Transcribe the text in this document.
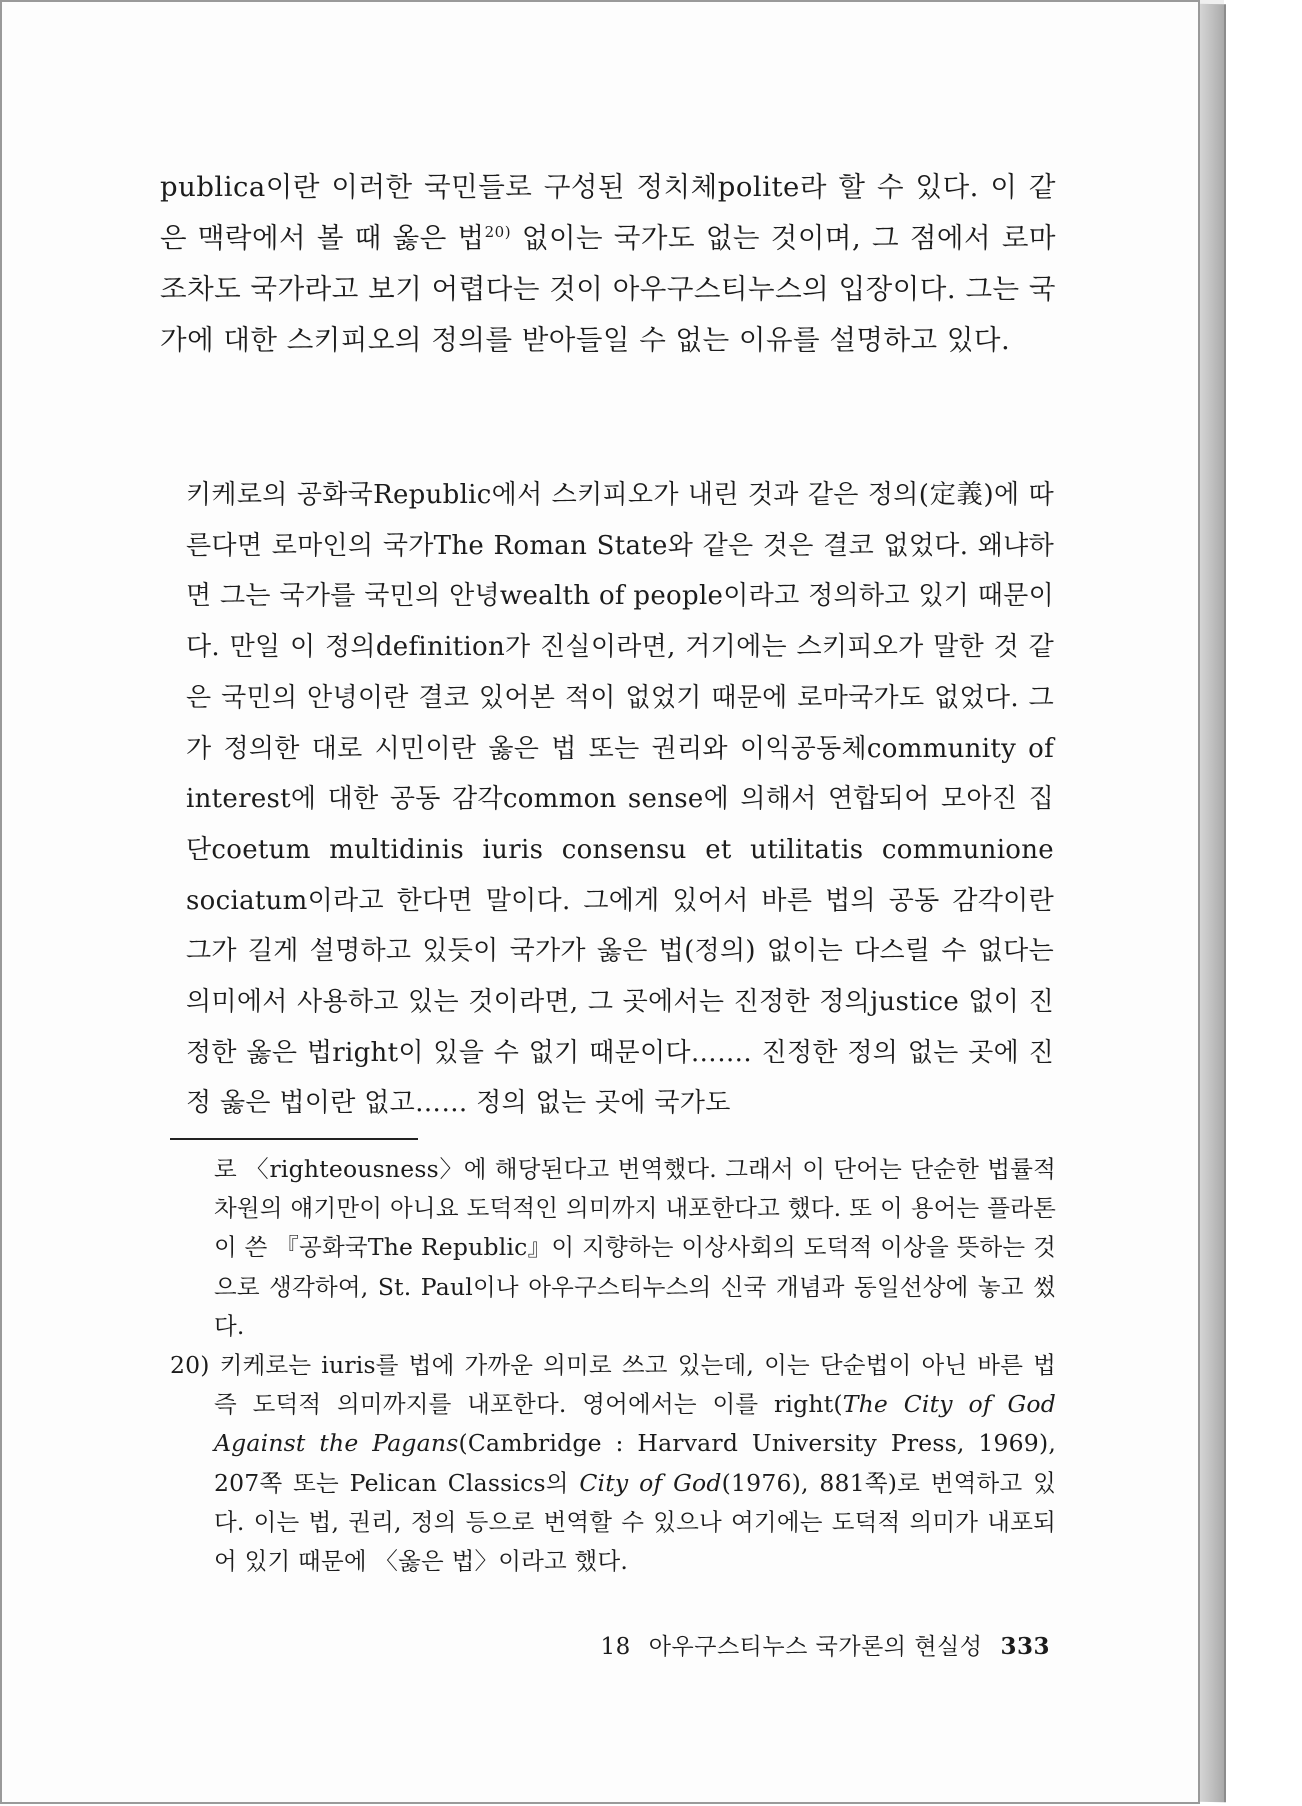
publica이란 이러한 국민들로 구성된 정치체polite라 할 수 있다. 이 같은 맥락에서 볼 때 옳은 법$^{20)}$ 없이는 국가도 없는 것이며, 그 점에서 로마조차도 국가라고 보기 어렵다는 것이 아우구스티누스의 입장이다. 그는 국가에 대한 스키피오의 정의를 받아들일 수 없는 이유를 설명하고 있다.

키케로의 공화국Republic에서 스키피오가 내린 것과 같은 정의(定義)에 따른다면 로마인의 국가The Roman State와 같은 것은 결코 없었다. 왜냐하면 그는 국가를 국민의 안녕wealth of people이라고 정의하고 있기 때문이다. 만일 이 정의definition가 진실이라면, 거기에는 스키피오가 말한 것 같은 국민의 안녕이란 결코 있어본 적이 없었기 때문에 로마국가도 없었다. 그가 정의한 대로 시민이란 옳은 법 또는 권리와 이익공동체community of interest에 대한 공동 감각common sense에 의해서 연합되어 모아진 집단coetum multidinis iuris consensu et utilitatis communione sociatum이라고 한다면 말이다. 그에게 있어서 바른 법의 공동 감각이란 그가 길게 설명하고 있듯이 국가가 옳은 법(정의) 없이는 다스릴 수 없다는 의미에서 사용하고 있는 것이라면, 그 곳에서는 진정한 정의justice 없이 진정한 옳은 법right이 있을 수 없기 때문이다……. 진정한 정의 없는 곳에 진정 옳은 법이란 없고…… 정의 없는 곳에 국가도

로 〈righteousness〉에 해당된다고 번역했다. 그래서 이 단어는 단순한 법률적 차원의 얘기만이 아니요 도덕적인 의미까지 내포한다고 했다. 또 이 용어는 플라톤이 쓴 『공화국The Republic』이 지향하는 이상사회의 도덕적 이상을 뜻하는 것으로 생각하여, St. Paul이나 아우구스티누스의 신국 개념과 동일선상에 놓고 썼다.

20) 키케로는 iuris를 법에 가까운 의미로 쓰고 있는데, 이는 단순법이 아닌 바른 법 즉 도덕적 의미까지를 내포한다. 영어에서는 이를 right(The City of God Against the Pagans(Cambridge : Harvard University Press, 1969), 207쪽 또는 Pelican Classics의 City of God(1976), 881쪽)로 번역하고 있다. 이는 법, 권리, 정의 등으로 번역할 수 있으나 여기에는 도덕적 의미가 내포되어 있기 때문에 〈옳은 법〉이라고 했다.

18 아우구스티누스 국가론의 현실성 333
